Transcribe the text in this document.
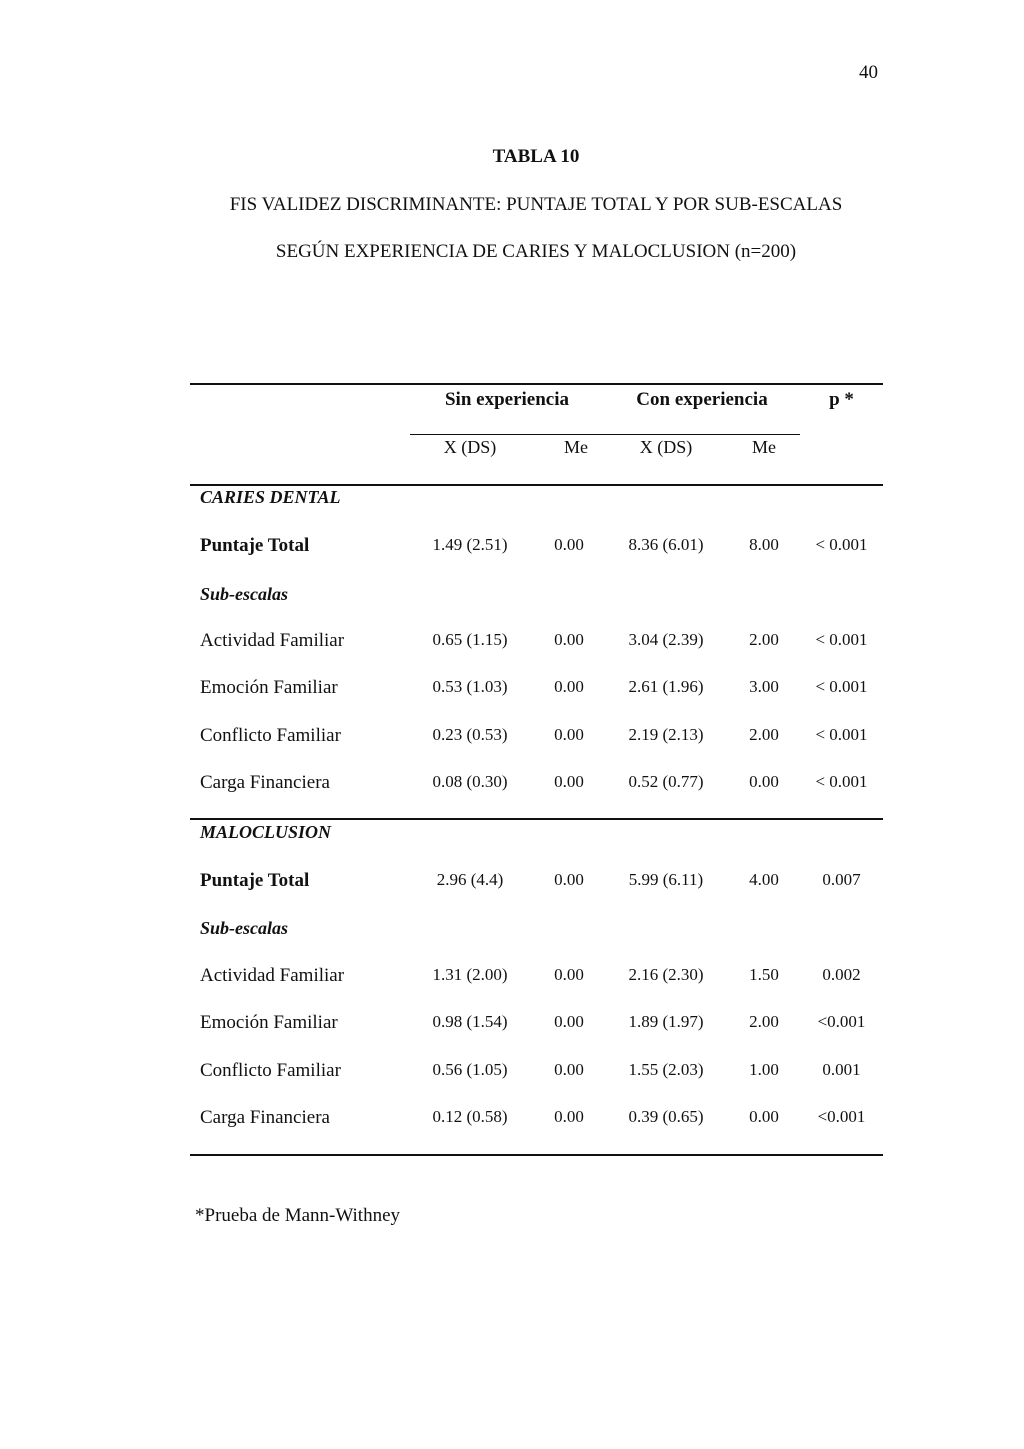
40
TABLA 10
FIS VALIDEZ DISCRIMINANTE: PUNTAJE TOTAL Y POR SUB-ESCALAS
SEGÚN EXPERIENCIA DE CARIES Y MALOCLUSION (n=200)
Sin experiencia	Con experiencia	p *
X (DS)	Me	X (DS)	Me
CARIES DENTAL
Puntaje Total	1.49 (2.51)	0.00	8.36 (6.01)	8.00	< 0.001
Sub-escalas
Actividad Familiar	0.65 (1.15)	0.00	3.04 (2.39)	2.00	< 0.001
Emoción Familiar	0.53 (1.03)	0.00	2.61 (1.96)	3.00	< 0.001
Conflicto Familiar	0.23 (0.53)	0.00	2.19 (2.13)	2.00	< 0.001
Carga Financiera	0.08 (0.30)	0.00	0.52 (0.77)	0.00	< 0.001
MALOCLUSION
Puntaje Total	2.96 (4.4)	0.00	5.99 (6.11)	4.00	0.007
Sub-escalas
Actividad Familiar	1.31 (2.00)	0.00	2.16 (2.30)	1.50	0.002
Emoción Familiar	0.98 (1.54)	0.00	1.89 (1.97)	2.00	<0.001
Conflicto Familiar	0.56 (1.05)	0.00	1.55 (2.03)	1.00	0.001
Carga Financiera	0.12 (0.58)	0.00	0.39 (0.65)	0.00	<0.001
*Prueba de Mann-Withney
